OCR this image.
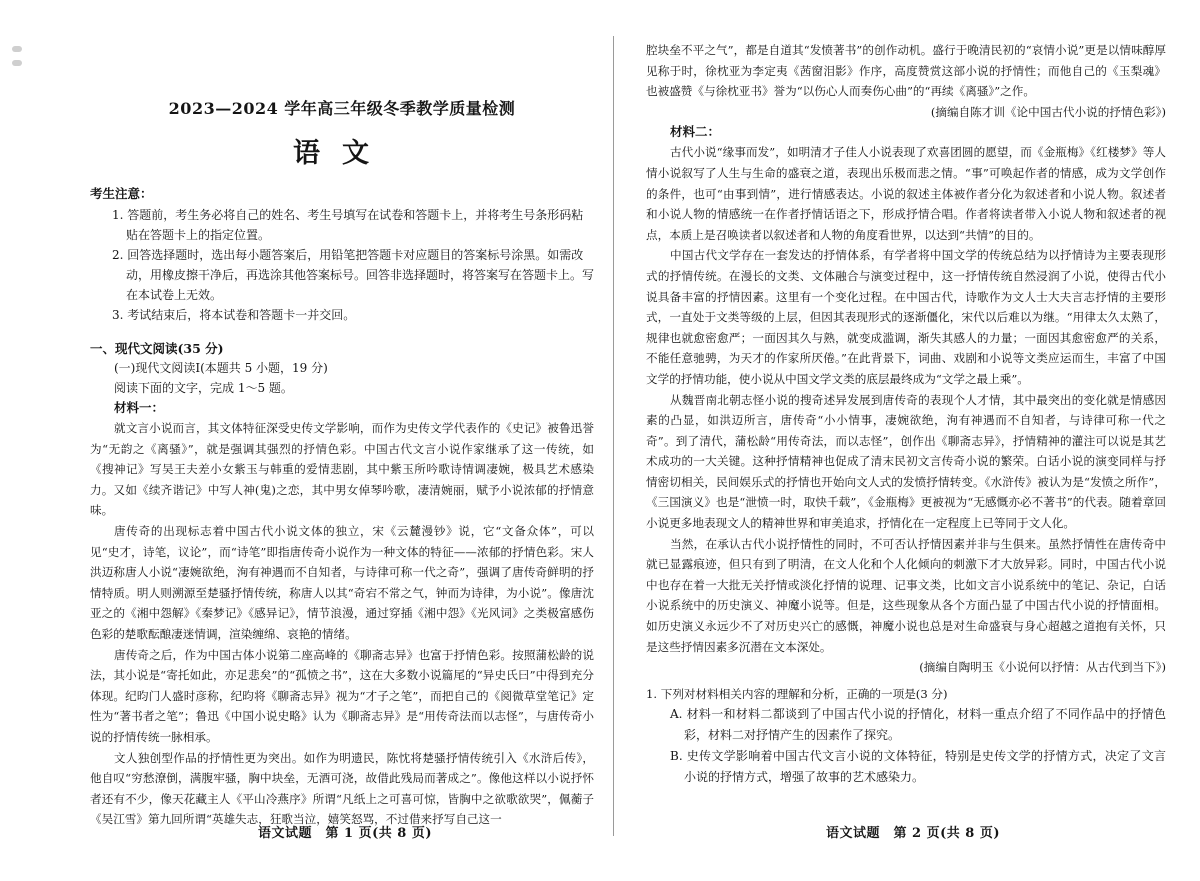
2023—2024 学年高三年级冬季教学质量检测
语文
考生注意：

1. 答题前，考生务必将自己的姓名、考生号填写在试卷和答题卡上，并将考生号条形码粘贴在答题卡上的指定位置。

2. 回答选择题时，选出每小题答案后，用铅笔把答题卡对应题目的答案标号涂黑。如需改动，用橡皮擦干净后，再选涂其他答案标号。回答非选择题时，将答案写在答题卡上。写在本试卷上无效。

3. 考试结束后，将本试卷和答题卡一并交回。

一、现代文阅读(35 分)
(一)现代文阅读Ⅰ(本题共 5 小题，19 分)
阅读下面的文字，完成 1～5 题。
材料一：

就文言小说而言，其文体特征深受史传文学影响，而作为史传文学代表作的《史记》被鲁迅誉为“无韵之《离骚》”，就是强调其强烈的抒情色彩。中国古代文言小说作家继承了这一传统，如《搜神记》写吴王夫差小女紫玉与韩重的爱情悲剧，其中紫玉所吟歌诗情调凄婉，极具艺术感染力。又如《续齐谐记》中写人神(鬼)之恋，其中男女倬琴吟歌，凄清婉丽，赋予小说浓郁的抒情意味。

唐传奇的出现标志着中国古代小说文体的独立，宋《云麓漫钞》说，它“文备众体”，可以见“史才，诗笔，议论”，而“诗笔”即指唐传奇小说作为一种文体的特征——浓郁的抒情色彩。宋人洪迈称唐人小说“凄婉欲绝，洵有神遇而不自知者，与诗律可称一代之奇”，强调了唐传奇鲜明的抒情特质。明人则溯源至楚骚抒情传统，称唐人以其“奇宕不常之气，钟而为诗律，为小说”。像唐沈亚之的《湘中怨解》《秦梦记》《感异记》，情节浪漫，通过穿插《湘中怨》《光风词》之类极富感伤色彩的楚歌酝酿凄迷情调，渲染缠绵、哀艳的情绪。

唐传奇之后，作为中国古体小说第二座高峰的《聊斋志异》也富于抒情色彩。按照蒲松龄的说法，其小说是“寄托如此，亦足悲矣”的“孤愤之书”，这在大多数小说篇尾的“异史氏曰”中得到充分体现。纪昀门人盛时彦称，纪昀将《聊斋志异》视为“才子之笔”，而把自己的《阅微草堂笔记》定性为“著书者之笔”；鲁迅《中国小说史略》认为《聊斋志异》是“用传奇法而以志怪”，与唐传奇小说的抒情传统一脉相承。

文人独创型作品的抒情性更为突出。如作为明遗民，陈忱将楚骚抒情传统引入《水浒后传》，他自叹“穷愁潦倒，满腹牢骚，胸中块垒，无酒可浇，故借此残局而著成之”。像他这样以小说抒怀者还有不少，像天花藏主人《平山冷燕序》所谓“凡纸上之可喜可惊，皆胸中之欲歌欲哭”，佩蘅子《吴江雪》第九回所谓“英雄失志，狂歌当泣，嬉笑怒骂，不过借来抒写自己这一

腔块垒不平之气”，都是自道其“发愤著书”的创作动机。盛行于晚清民初的“哀情小说”更是以情味醇厚见称于时，徐枕亚为李定夷《茜窗泪影》作序，高度赞赏这部小说的抒情性；而他自己的《玉梨魂》也被盛赞《与徐枕亚书》誉为“以伤心人而奏伤心曲”的“再续《离骚》”之作。

(摘编自陈才训《论中国古代小说的抒情色彩》)
材料二：

古代小说“缘事而发”，如明清才子佳人小说表现了欢喜团圆的愿望，而《金瓶梅》《红楼梦》等人情小说叙写了人生与生命的盛衰之道，表现出乐极而悲之情。“事”可唤起作者的情感，成为文学创作的条件，也可“由事到情”，进行情感表达。小说的叙述主体被作者分化为叙述者和小说人物。叙述者和小说人物的情感统一在作者抒情话语之下，形成抒情合唱。作者将读者带入小说人物和叙述者的视点，本质上是召唤读者以叙述者和人物的角度看世界，以达到“共情”的目的。

中国古代文学存在一套发达的抒情体系，有学者将中国文学的传统总结为以抒情诗为主要表现形式的抒情传统。在漫长的文类、文体融合与演变过程中，这一抒情传统自然浸润了小说，使得古代小说具备丰富的抒情因素。这里有一个变化过程。在中国古代，诗歌作为文人士大夫言志抒情的主要形式，一直处于文类等级的上层，但因其表现形式的逐渐僵化，宋代以后难以为继。“用律太久太熟了，规律也就愈密愈严；一面因其久与熟，就变成滥调，渐失其感人的力量；一面因其愈密愈严的关系，不能任意驰骋，为天才的作家所厌倦。”在此背景下，词曲、戏剧和小说等文类应运而生，丰富了中国文学的抒情功能，使小说从中国文学文类的底层最终成为“文学之最上乘”。

从魏晋南北朝志怪小说的搜奇述异发展到唐传奇的表现个人才情，其中最突出的变化就是情感因素的凸显，如洪迈所言，唐传奇“小小情事，凄婉欲绝，洵有神遇而不自知者，与诗律可称一代之奇”。到了清代，蒲松龄“用传奇法，而以志怪”，创作出《聊斋志异》，抒情精神的灌注可以说是其艺术成功的一大关键。这种抒情精神也促成了清末民初文言传奇小说的繁荣。白话小说的演变同样与抒情密切相关，民间娱乐式的抒情也开始向文人式的发愤抒情转变。《水浒传》被认为是“发愤之所作”，《三国演义》也是“泄愤一时，取快千载”，《金瓶梅》更被视为“无感慨亦必不著书”的代表。随着章回小说更多地表现文人的精神世界和审美追求，抒情化在一定程度上已等同于文人化。

当然，在承认古代小说抒情性的同时，不可否认抒情因素并非与生俱来。虽然抒情性在唐传奇中就已显露痕迹，但只有到了明清，在文人化和个人化倾向的刺激下才大放异彩。同时，中国古代小说中也存在着一大批无关抒情或淡化抒情的说理、记事文类，比如文言小说系统中的笔记、杂记，白话小说系统中的历史演义、神魔小说等。但是，这些现象从各个方面凸显了中国古代小说的抒情面相。如历史演义永远少不了对历史兴亡的感慨，神魔小说也总是对生命盛衰与身心超越之道抱有关怀，只是这些抒情因素多沉潜在文本深处。

(摘编自陶明玉《小说何以抒情：从古代到当下》)
1. 下列对材料相关内容的理解和分析，正确的一项是(3 分)

A. 材料一和材料二都谈到了中国古代小说的抒情化，材料一重点介绍了不同作品中的抒情色彩，材料二对抒情产生的因素作了探究。

B. 史传文学影响着中国古代文言小说的文体特征，特别是史传文学的抒情方式，决定了文言小说的抒情方式，增强了故事的艺术感染力。

语文试题　第 1 页(共 8 页)	语文试题　第 2 页(共 8 页)
